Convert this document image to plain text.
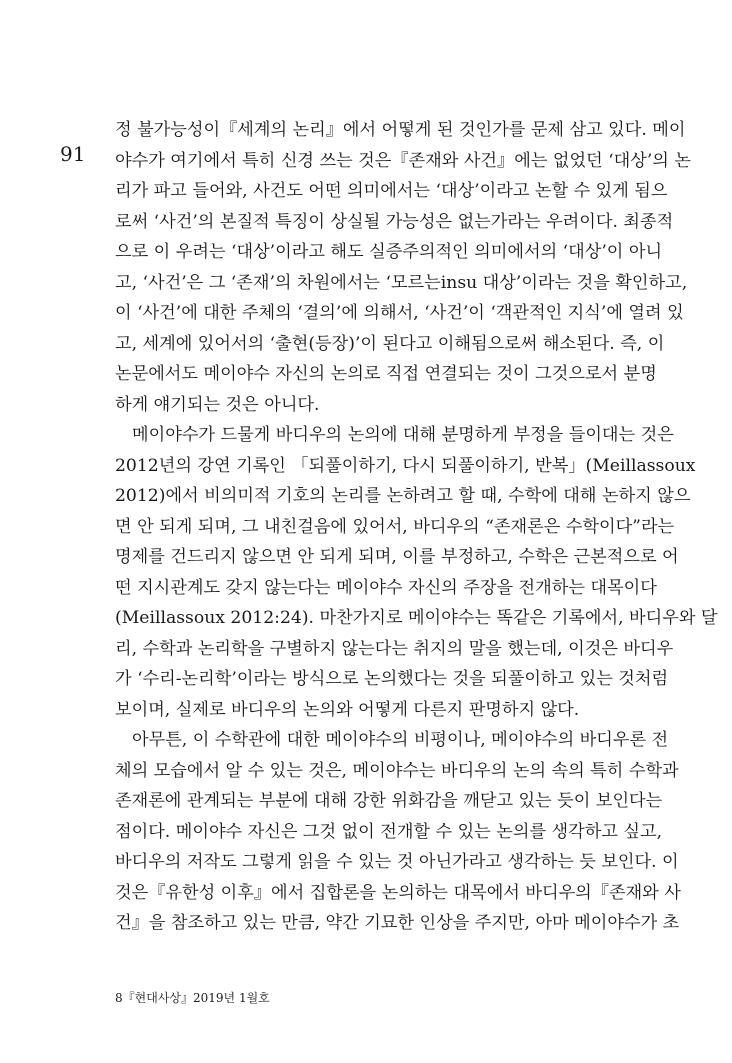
91
정 불가능성이『세계의 논리』에서 어떻게 된 것인가를 문제 삼고 있다. 메이
야수가 여기에서 특히 신경 쓰는 것은『존재와 사건』에는 없었던 ‘대상’의 논
리가 파고 들어와, 사건도 어떤 의미에서는 ‘대상’이라고 논할 수 있게 됨으
로써 ‘사건’의 본질적 특징이 상실될 가능성은 없는가라는 우려이다. 최종적
으로 이 우려는 ‘대상’이라고 해도 실증주의적인 의미에서의 ‘대상’이 아니
고, ‘사건’은 그 ‘존재’의 차원에서는 ‘모르는insu 대상’이라는 것을 확인하고,
이 ‘사건’에 대한 주체의 ‘결의’에 의해서, ‘사건’이 ‘객관적인 지식’에 열려 있
고, 세계에 있어서의 ‘출현(등장)’이 된다고 이해됨으로써 해소된다. 즉, 이
논문에서도 메이야수 자신의 논의로 직접 연결되는 것이 그것으로서 분명
하게 얘기되는 것은 아니다.
메이야수가 드물게 바디우의 논의에 대해 분명하게 부정을 들이대는 것은
2012년의 강연 기록인 「되풀이하기, 다시 되풀이하기, 반복」(Meillassoux
2012)에서 비의미적 기호의 논리를 논하려고 할 때, 수학에 대해 논하지 않으
면 안 되게 되며, 그 내친걸음에 있어서, 바디우의 “존재론은 수학이다”라는
명제를 건드리지 않으면 안 되게 되며, 이를 부정하고, 수학은 근본적으로 어
떤 지시관계도 갖지 않는다는 메이야수 자신의 주장을 전개하는 대목이다
(Meillassoux 2012:24). 마찬가지로 메이야수는 똑같은 기록에서, 바디우와 달
리, 수학과 논리학을 구별하지 않는다는 취지의 말을 했는데, 이것은 바디우
가 ‘수리-논리학’이라는 방식으로 논의했다는 것을 되풀이하고 있는 것처럼
보이며, 실제로 바디우의 논의와 어떻게 다른지 판명하지 않다.
아무튼, 이 수학관에 대한 메이야수의 비평이나, 메이야수의 바디우론 전
체의 모습에서 알 수 있는 것은, 메이야수는 바디우의 논의 속의 특히 수학과
존재론에 관계되는 부분에 대해 강한 위화감을 깨닫고 있는 듯이 보인다는
점이다. 메이야수 자신은 그것 없이 전개할 수 있는 논의를 생각하고 싶고,
바디우의 저작도 그렇게 읽을 수 있는 것 아닌가라고 생각하는 듯 보인다. 이
것은『유한성 이후』에서 집합론을 논의하는 대목에서 바디우의『존재와 사
건』을 참조하고 있는 만큼, 약간 기묘한 인상을 주지만, 아마 메이야수가 초
8『현대사상』2019년 1월호
